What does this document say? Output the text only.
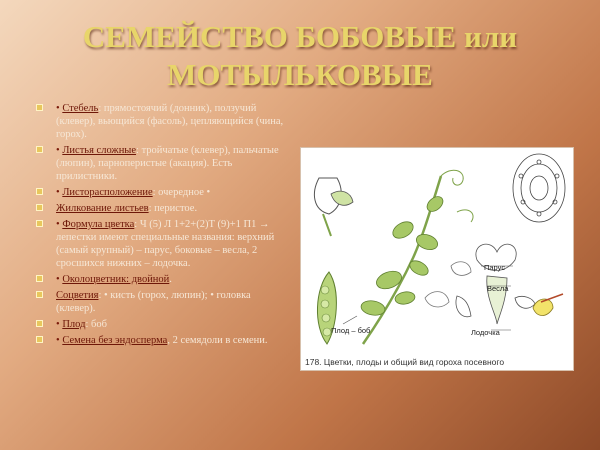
СЕМЕЙСТВО БОБОВЫЕ или МОТЫЛЬКОВЫЕ
• Стебель: прямостоячий (донник), ползучий (клевер), вьющийся (фасоль), цепляющийся (чина, горох).
• Листья сложные: тройчатые (клевер), пальчатые (люпин), парноперистые (акация). Есть прилистники.
• Листорасположение: очередное •
Жилкование листьев: перистое.
• Формула цветка: Ч (5) Л 1+2+(2)Т (9)+1 П1 → лепестки имеют специальные названия: верхний (самый крупный) – парус, боковые – весла, 2 сросшихся нижних – лодочка.
• Околоцветник: двойной.
Соцветия: • кисть (горох, люпин); • головка (клевер).
• Плод: боб
• Семена без эндосперма, 2 семядоли в семени.
Парус
Весла
Лодочка
Плод – боб
178. Цветки, плоды и общий вид гороха посевного
